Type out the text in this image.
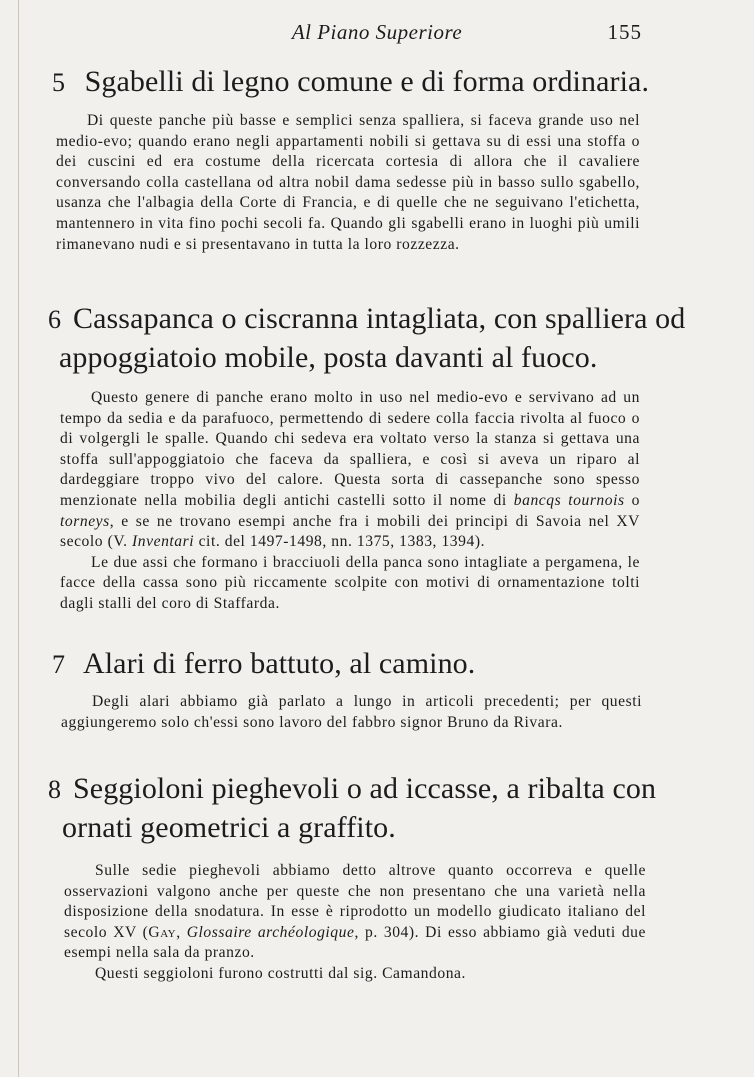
Al Piano Superiore	155
5 Sgabelli di legno comune e di forma ordinaria.

Di queste panche più basse e semplici senza spalliera, si faceva grande uso nel medio-evo; quando erano negli appartamenti nobili si gettava su di essi una stoffa o dei cuscini ed era costume della ricercata cortesia di allora che il cavaliere conversando colla castellana od altra nobil dama sedesse più in basso sullo sgabello, usanza che l'albagia della Corte di Francia, e di quelle che ne seguivano l'etichetta, mantennero in vita fino pochi secoli fa. Quando gli sgabelli erano in luoghi più umili rimanevano nudi e si presentavano in tutta la loro rozzezza.

6 Cassapanca o ciscranna intagliata, con spalliera od
appoggiatoio mobile, posta davanti al fuoco.

Questo genere di panche erano molto in uso nel medio-evo e servivano ad un tempo da sedia e da parafuoco, permettendo di sedere colla faccia rivolta al fuoco o di volgergli le spalle. Quando chi sedeva era voltato verso la stanza si gettava una stoffa sull'appoggiatoio che faceva da spalliera, e così si aveva un riparo al dardeggiare troppo vivo del calore. Questa sorta di cassepanche sono spesso menzionate nella mobilia degli antichi castelli sotto il nome di bancqs tournois o torneys, e se ne trovano esempi anche fra i mobili dei principi di Savoia nel XV secolo (V. Inventari cit. del 1497-1498, nn. 1375, 1383, 1394).

Le due assi che formano i bracciuoli della panca sono intagliate a pergamena, le facce della cassa sono più riccamente scolpite con motivi di ornamentazione tolti dagli stalli del coro di Staffarda.

7 Alari di ferro battuto, al camino.

Degli alari abbiamo già parlato a lungo in articoli precedenti; per questi aggiungeremo solo ch'essi sono lavoro del fabbro signor Bruno da Rivara.

8 Seggioloni pieghevoli o ad iccasse, a ribalta con
ornati geometrici a graffito.

Sulle sedie pieghevoli abbiamo detto altrove quanto occorreva e quelle osservazioni valgono anche per queste che non presentano che una varietà nella disposizione della snodatura. In esse è riprodotto un modello giudicato italiano del secolo XV (Gay, Glossaire archéologique, p. 304). Di esso abbiamo già veduti due esempi nella sala da pranzo.

Questi seggioloni furono costrutti dal sig. Camandona.
